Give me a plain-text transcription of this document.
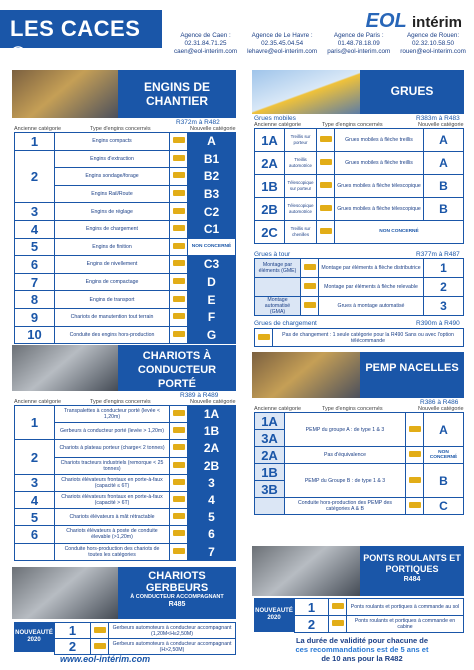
LES CACES ®
Agence de Caen :
02.31.84.71.25
caen@eol-interim.com
Agence de Le Havre :
02.35.45.04.54
lehavre@eol-interim.com
Agence de Paris :
01.48.78.18.09
paris@eol-interim.com
Agence de Rouen:
02.32.10.58.50
rouen@eol-interim.com
EOL intérim
ENGINS DE CHANTIER
R372m à R482
Ancienne catégorie	Type d'engins concernés	Nouvelle catégorie
1	Engins compacts		A
2	Engins d'extraction		B1
	Engins sondage/forage		B2
	Engins Rail/Route		B3
3	Engins de réglage		C2
4	Engins de chargement		C1
5	Engins de finition		NON CONCERNÉ
6	Engins de nivellement		C3
7	Engins de compactage		D
8	Engins de transport		E
9	Chariots de manutention tout terrain		F
10	Conduite des engins hors-production		G
CHARIOTS À CONDUCTEUR PORTÉ
R389 à R489
Ancienne catégorie	Type d'engins concernés	Nouvelle catégorie
1	Transpalettes à conducteur porté (levée < 1,20m)		1A
	Gerbeurs à conducteur porté (levée > 1,20m)		1B
2	Chariots à plateau porteur (charge< 2 tonnes)		2A
	Chariots tracteurs industriels (remorque < 25 tonnes)		2B
3	Chariots élévateurs frontaux en porte-à-faux (capacité ≤ 6T)		3
4	Chariots élévateurs frontaux en porte-à-faux (capacité > 6T)		4
5	Chariots élévateurs à mât rétractable		5
6	Chariots élévateurs à poste de conduite élevable (>1,20m)		6
	Conduite hors-production des chariots de toutes les catégories		7
CHARIOTS GERBEURS
À CONDUCTEUR ACCOMPAGNANT
R485
NOUVEAUTÉ 2020
1		Gerbeurs automoteurs à conducteur accompagnant (1,20M<H≤2,50M)
2		Gerbeurs automoteurs à conducteur accompagnant (H>2,50M)
www.eol-intérim.com
GRUES
Grues mobiles	R383m à R483
Ancienne catégorie	Type d'engins concernés	Nouvelle catégorie
1A	Treillis sur porteur		Grues mobiles à flèche treillis	A
2A	Treillis automotrice		Grues mobiles à flèche treillis	A
1B	Télescopique sur porteur		Grues mobiles à flèche télescopique	B
2B	Télescopique automotrice		Grues mobiles à flèche télescopique	B
2C	Treillis sur chenilles		NON CONCERNÉ	
Grues à tour	R377m à R487
Montage par éléments (GME)		Montage par éléments à flèche distributrice	1
		Montage par éléments à flèche relevable	2
Montage automatisé (GMA)		Grues à montage automatisé	3
Grues de chargement	R390m à R490
	Pas de changement : 1 seule catégorie pour la R490 Sans ou avec l'option télécommande
PEMP NACELLES
R386 à R486
Ancienne catégorie	Type d'engins concernés	Nouvelle catégorie
1A	PEMP du groupe A : de type 1 & 3		A
3A			
2A	Pas d'équivalence		NON CONCERNÉ
1B	PEMP du Groupe B : de type 1 & 3		B
3B			
	Conduite hors-production des PEMP des catégories A & B		C
PONTS ROULANTS ET PORTIQUES
R484
NOUVEAUTÉ 2020
1		Ponts roulants et portiques à commande au sol
2		Ponts roulants et portiques à commande en cabine
La durée de validité pour chacune de
ces recommandations est de 5 ans et
de 10 ans pour la R482
